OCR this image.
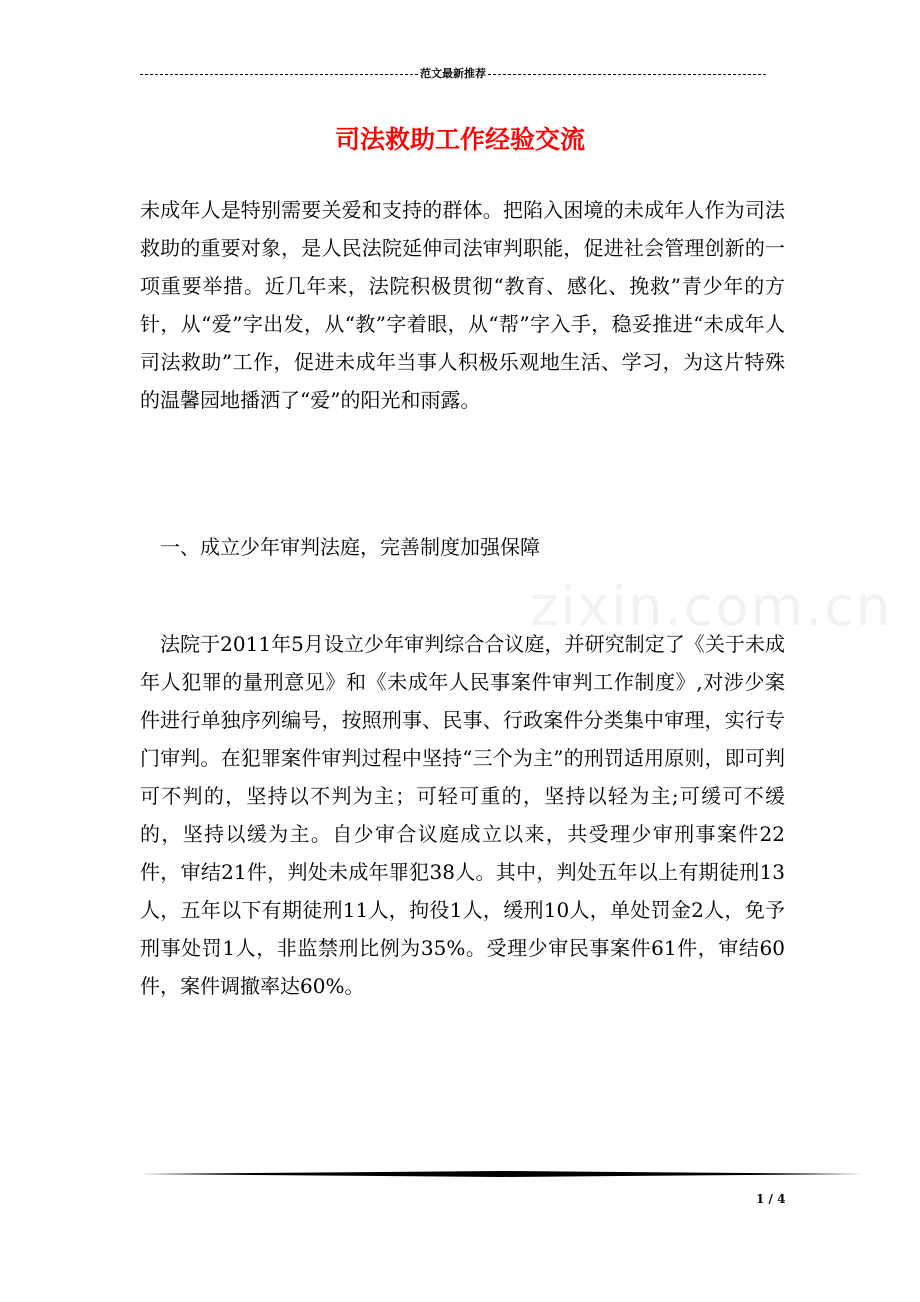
范文最新推荐
司法救助工作经验交流
zixin.com.cn

未成年人是特别需要关爱和支持的群体。把陷入困境的未成年人作为司法救助的重要对象，是人民法院延伸司法审判职能，促进社会管理创新的一项重要举措。近几年来，法院积极贯彻“教育、感化、挽救”青少年的方针，从“爱”字出发，从“教”字着眼，从“帮”字入手，稳妥推进“未成年人司法救助”工作，促进未成年当事人积极乐观地生活、学习，为这片特殊的温馨园地播洒了“爱”的阳光和雨露。

一、成立少年审判法庭，完善制度加强保障

法院于2011年5月设立少年审判综合合议庭，并研究制定了《关于未成年人犯罪的量刑意见》和《未成年人民事案件审判工作制度》,对涉少案件进行单独序列编号，按照刑事、民事、行政案件分类集中审理，实行专门审判。在犯罪案件审判过程中坚持“三个为主”的刑罚适用原则，即可判可不判的，坚持以不判为主；可轻可重的，坚持以轻为主;可缓可不缓的，坚持以缓为主。自少审合议庭成立以来，共受理少审刑事案件22件，审结21件，判处未成年罪犯38人。其中，判处五年以上有期徒刑13人，五年以下有期徒刑11人，拘役1人，缓刑10人，单处罚金2人，免予刑事处罚1人，非监禁刑比例为35%。受理少审民事案件61件，审结60件，案件调撤率达60%。

1 / 4
